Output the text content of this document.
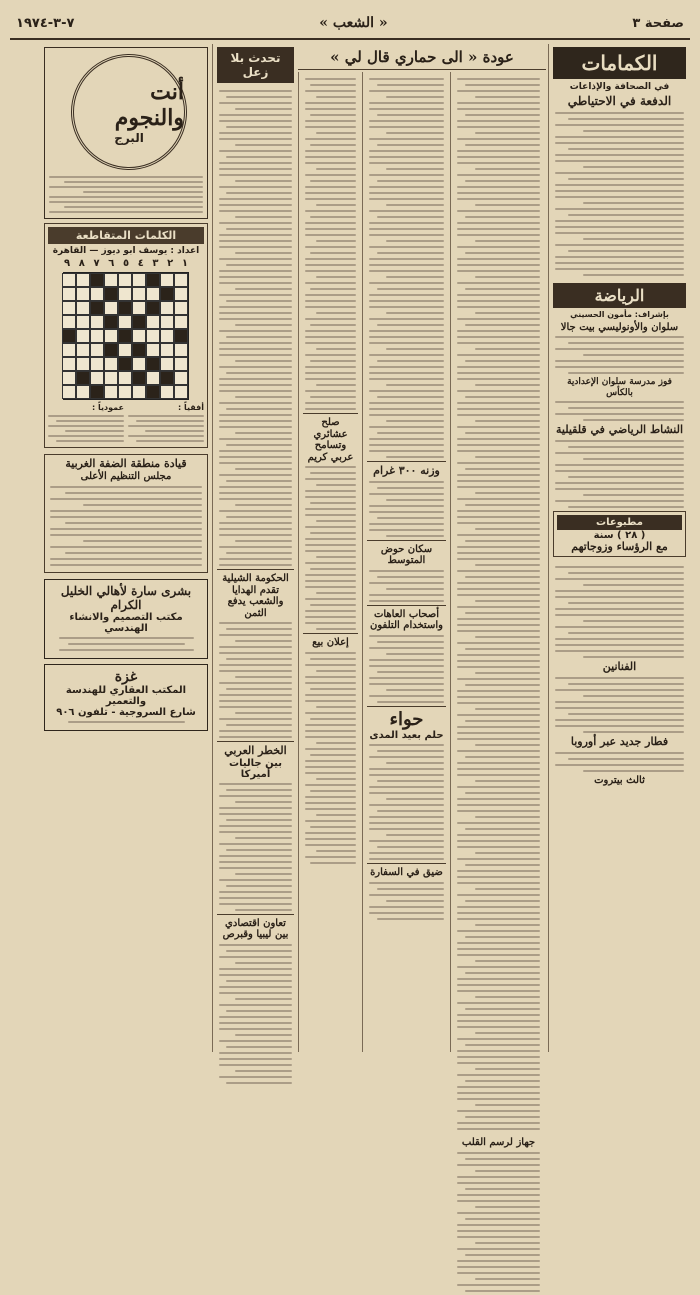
صفحة ٣
« الشعب »
٧-٣-١٩٧٤
الكمامات
في الصحافة والإذاعات
الدفعة في الاحتياطي
الرياضة
بإشراف: مأمون الحسيني
سلوان والأونوليسي بيت جالا
فوز مدرسة سلوان الإعدادية بالكأس
النشاط الرياضي في قلقيلية
مطبوعات
( ٢٨ ) سنة
مع الرؤساء وزوجاتهم
الفنانين
فطار جديد عبر أوروبا
ثالث بيتروت
عودة « الى حماري قال لي »
جهاز لرسم القلب
وزنه ٣٠٠ غرام
سكان حوض المتوسط
أصحاب العاهات واستخدام التلفون
حواء
حلم بعيد المدى
ضيق في السفارة
صلح عشائري وتسامح عربي كريم
إعلان بيع
تحدث بلا زعل
الحكومة الشيلية تقدم الهدايا والشعب يدفع الثمن
الخطر العربي
بين جاليات أميركا
تعاون اقتصادي بين ليبيا وقبرص
أنت والنجوم
البرج
الكلمات المتقاطعة
اعداد : يوسف ابو ديوز — القاهرة
١
٢
٣
٤
٥
٦
٧
٨
٩
أفقياً :
عمودياً :
قيادة منطقة الضفة الغربية
مجلس التنظيم الأعلى
بشرى سارة لأهالي الخليل الكرام
مكتب التصميم والانشاء الهندسي
غزة
المكتب العقاري للهندسة والتعمير
شارع السروجية - تلفون ٩٠٦
